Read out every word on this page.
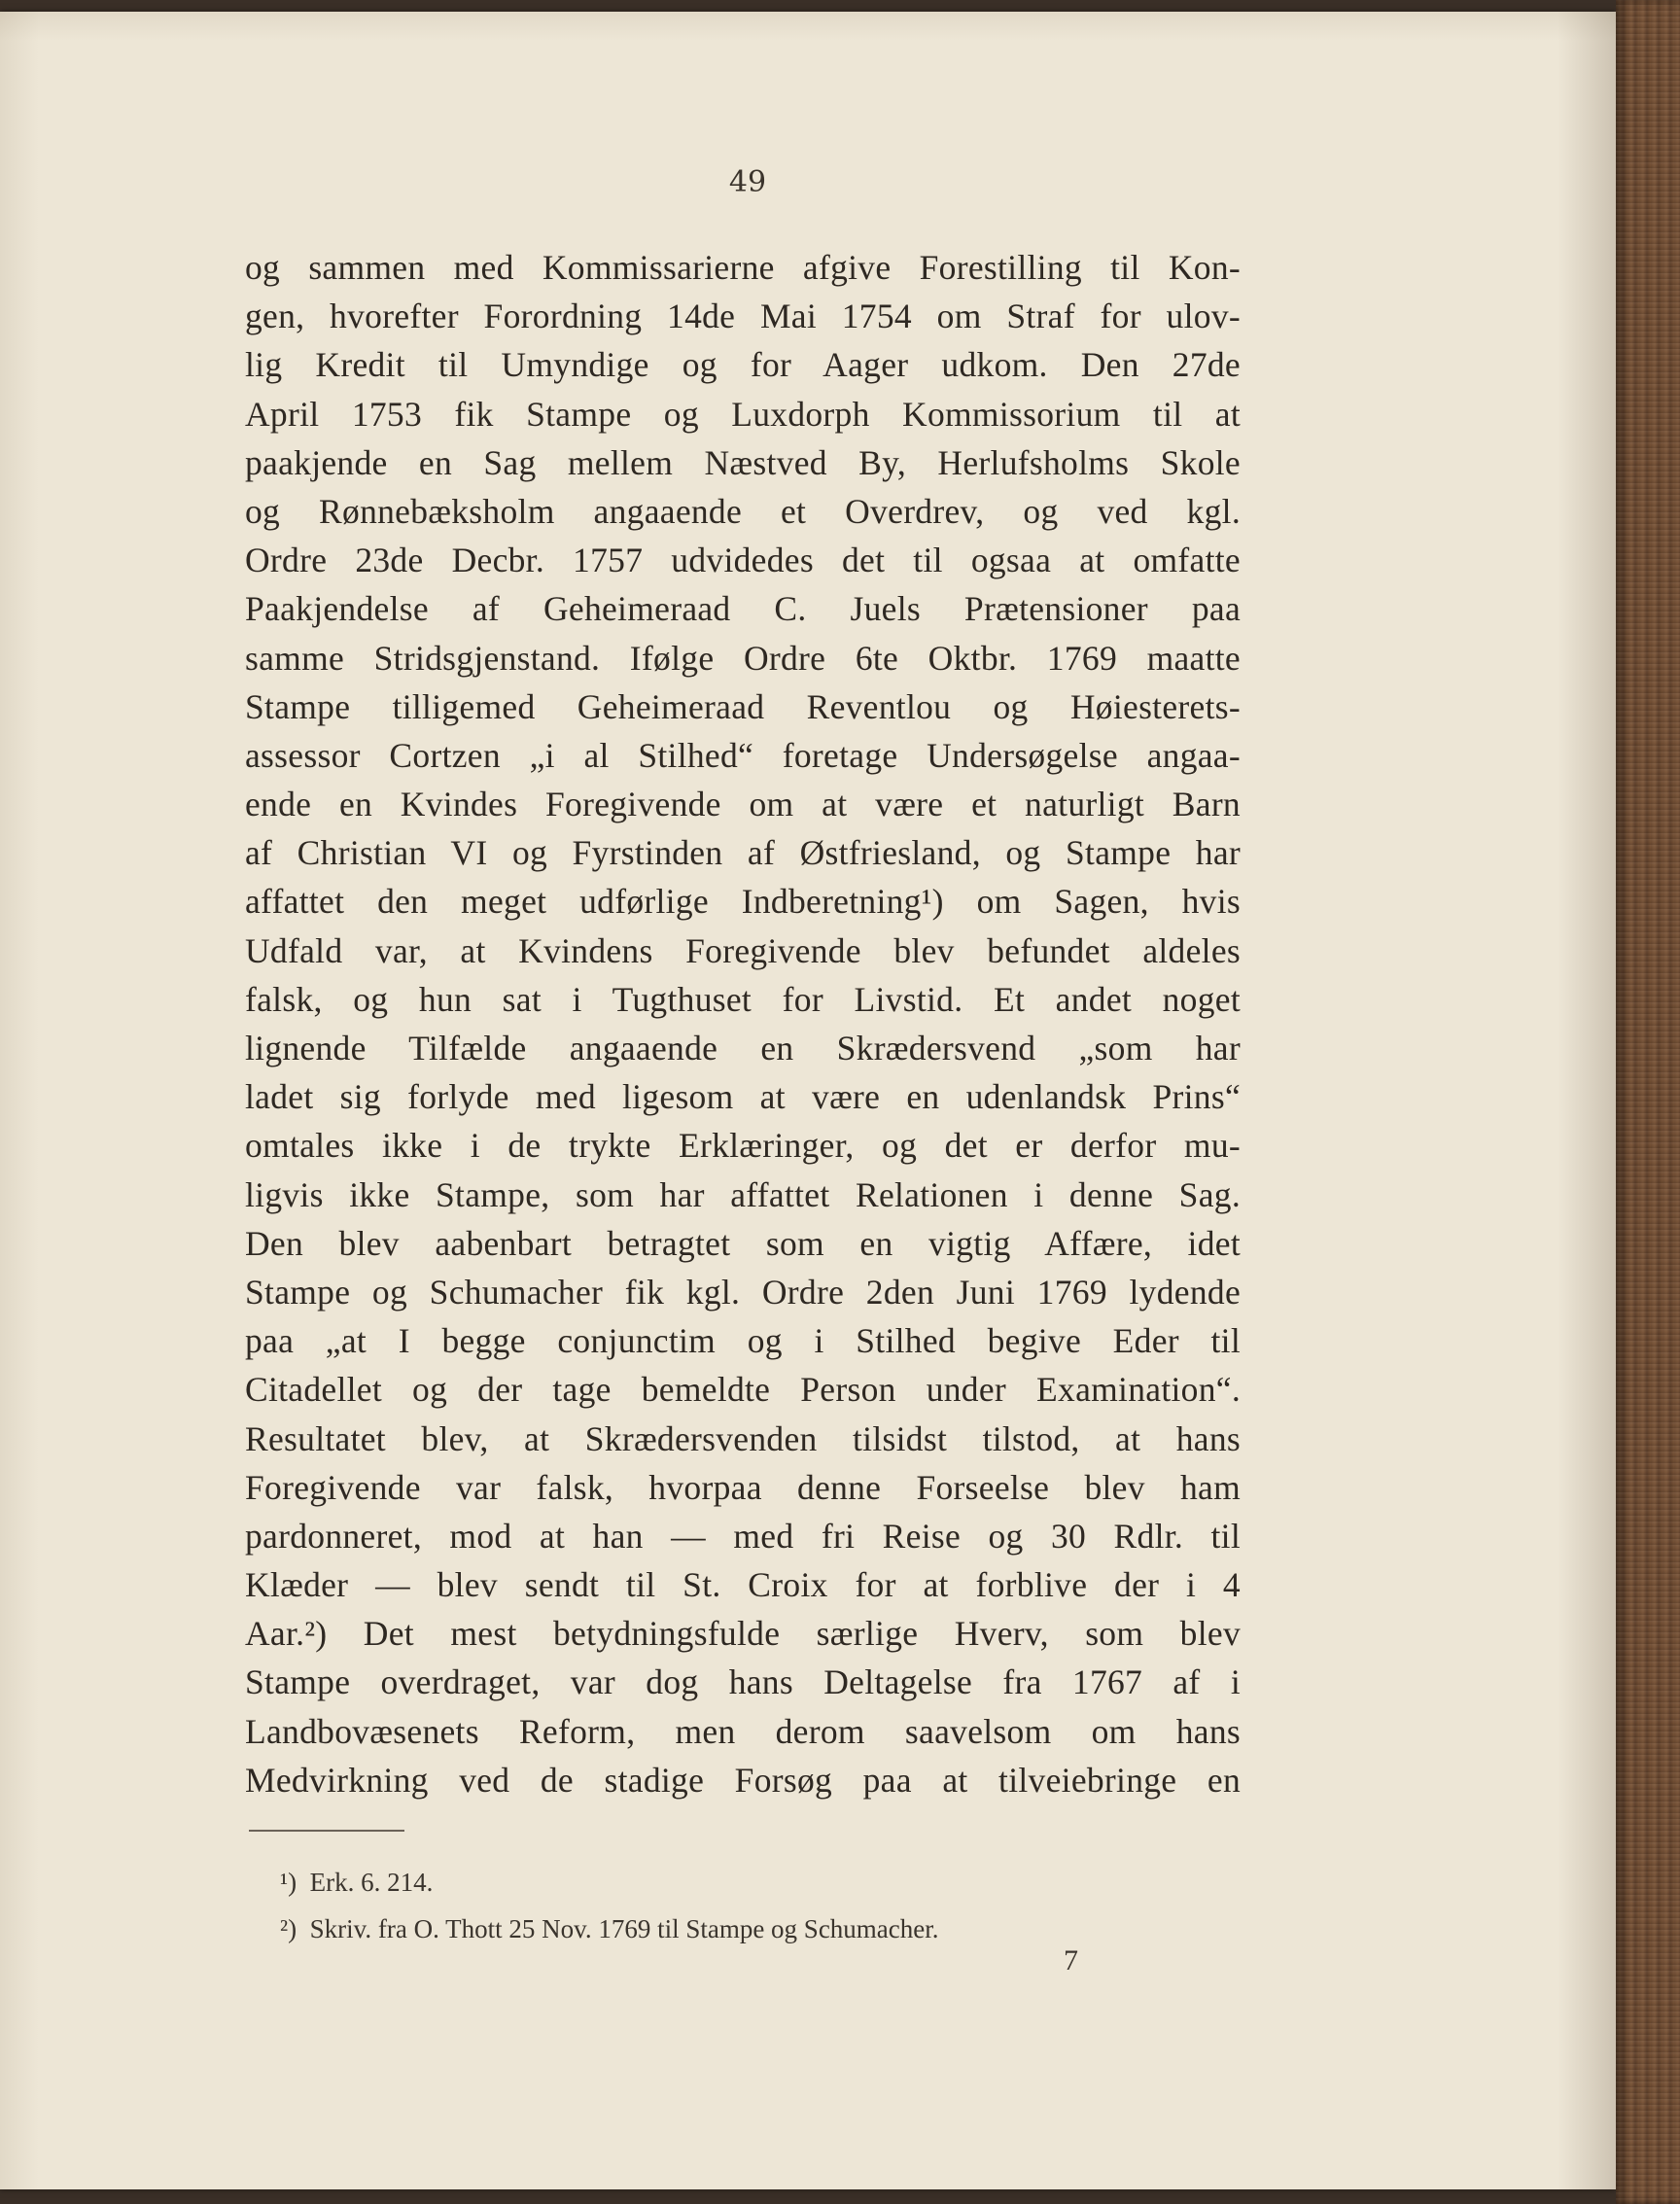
49
og sammen med Kommissarierne afgive Forestilling til Kon-
gen, hvorefter Forordning 14de Mai 1754 om Straf for ulov-
lig Kredit til Umyndige og for Aager udkom. Den 27de
April 1753 fik Stampe og Luxdorph Kommissorium til at
paakjende en Sag mellem Næstved By, Herlufsholms Skole
og Rønnebæksholm angaaende et Overdrev, og ved kgl.
Ordre 23de Decbr. 1757 udvidedes det til ogsaa at omfatte
Paakjendelse af Geheimeraad C. Juels Prætensioner paa
samme Stridsgjenstand. Ifølge Ordre 6te Oktbr. 1769 maatte
Stampe tilligemed Geheimeraad Reventlou og Høiesterets-
assessor Cortzen „i al Stilhed“ foretage Undersøgelse angaa-
ende en Kvindes Foregivende om at være et naturligt Barn
af Christian VI og Fyrstinden af Østfriesland, og Stampe har
affattet den meget udførlige Indberetning¹) om Sagen, hvis
Udfald var, at Kvindens Foregivende blev befundet aldeles
falsk, og hun sat i Tugthuset for Livstid. Et andet noget
lignende Tilfælde angaaende en Skrædersvend „som har
ladet sig forlyde med ligesom at være en udenlandsk Prins“
omtales ikke i de trykte Erklæringer, og det er derfor mu-
ligvis ikke Stampe, som har affattet Relationen i denne Sag.
Den blev aabenbart betragtet som en vigtig Affære, idet
Stampe og Schumacher fik kgl. Ordre 2den Juni 1769 lydende
paa „at I begge conjunctim og i Stilhed begive Eder til
Citadellet og der tage bemeldte Person under Examination“.
Resultatet blev, at Skrædersvenden tilsidst tilstod, at hans
Foregivende var falsk, hvorpaa denne Forseelse blev ham
pardonneret, mod at han — med fri Reise og 30 Rdlr. til
Klæder — blev sendt til St. Croix for at forblive der i 4
Aar.²) Det mest betydningsfulde særlige Hverv, som blev
Stampe overdraget, var dog hans Deltagelse fra 1767 af i
Landbovæsenets Reform, men derom saavelsom om hans
Medvirkning ved de stadige Forsøg paa at tilveiebringe en
¹) Erk. 6. 214.
²) Skriv. fra O. Thott 25 Nov. 1769 til Stampe og Schumacher.
7
